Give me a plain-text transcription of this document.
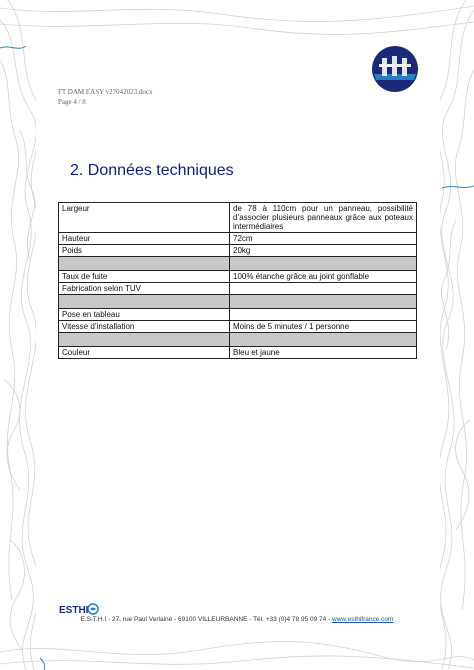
FT DAM EASY v27042023.docx
Page 4 / 8
2. Données techniques
Largeur	de 78 à 110cm pour un panneau, possibilité d’associer plusieurs panneaux grâce aux poteaux intermédiaires
Hauteur	72cm
Poids	20kg

Taux de fuite	100% étanche grâce au joint gonflable
Fabrication selon TUV	

Pose en tableau	
Vitesse d’installation	Moins de 5 minutes / 1 personne

Couleur	Bleu et jaune
ESTHI
E.S.T.H.I - 27, rue Paul Verlaine - 69100 VILLEURBANNE - Tél. +33 (0)4 78 95 09 74 - www.esthifrance.com
